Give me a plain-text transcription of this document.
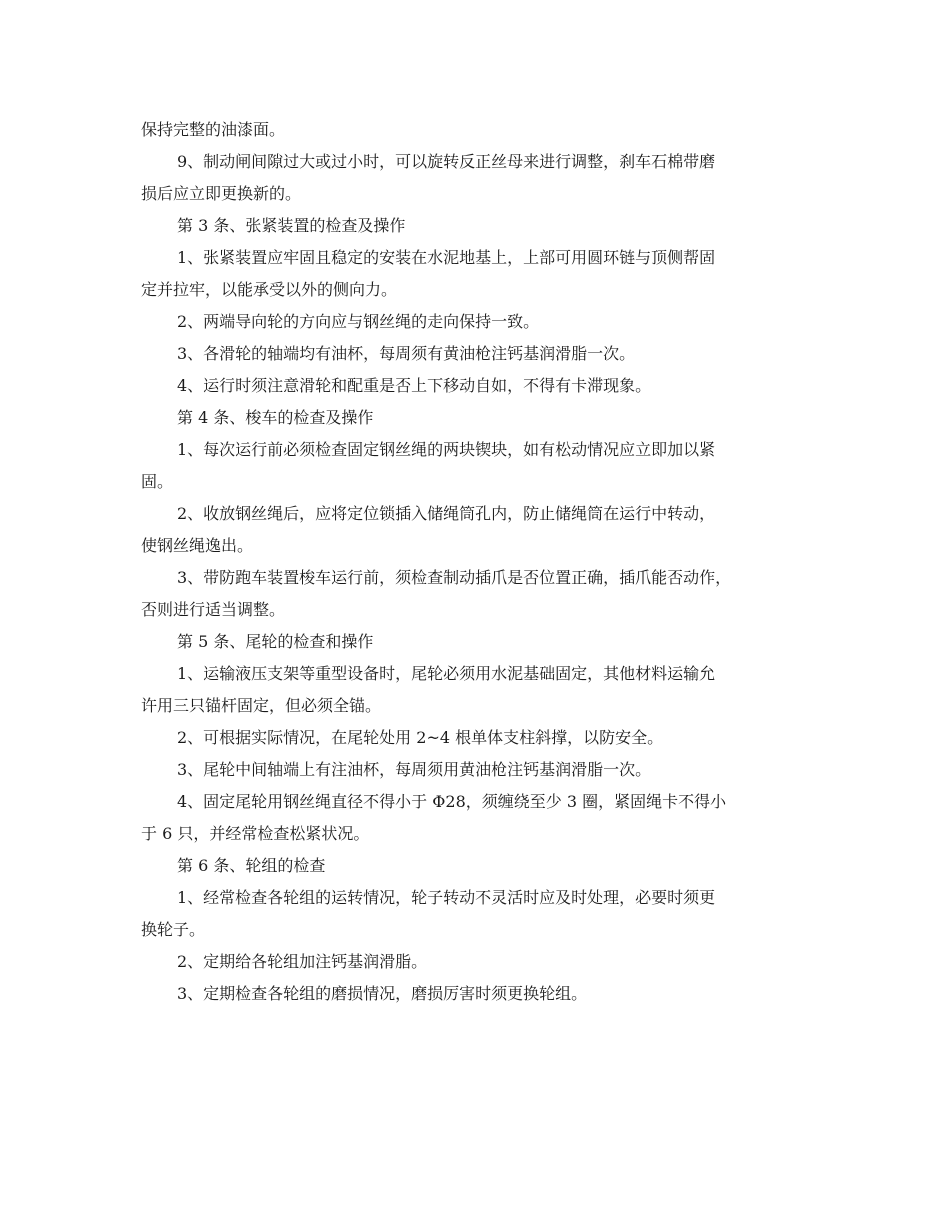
保持完整的油漆面。
9、制动闸间隙过大或过小时，可以旋转反正丝母来进行调整，刹车石棉带磨
损后应立即更换新的。
第 3 条、张紧装置的检查及操作
1、张紧装置应牢固且稳定的安装在水泥地基上，上部可用圆环链与顶侧帮固
定并拉牢，以能承受以外的侧向力。
2、两端导向轮的方向应与钢丝绳的走向保持一致。
3、各滑轮的轴端均有油杯，每周须有黄油枪注钙基润滑脂一次。
4、运行时须注意滑轮和配重是否上下移动自如，不得有卡滞现象。
第 4 条、梭车的检查及操作
1、每次运行前必须检查固定钢丝绳的两块锲块，如有松动情况应立即加以紧
固。
2、收放钢丝绳后，应将定位锁插入储绳筒孔内，防止储绳筒在运行中转动，
使钢丝绳逸出。
3、带防跑车装置梭车运行前，须检查制动插爪是否位置正确，插爪能否动作，
否则进行适当调整。
第 5 条、尾轮的检查和操作
1、运输液压支架等重型设备时，尾轮必须用水泥基础固定，其他材料运输允
许用三只锚杆固定，但必须全锚。
2、可根据实际情况，在尾轮处用 2~4 根单体支柱斜撑，以防安全。
3、尾轮中间轴端上有注油杯，每周须用黄油枪注钙基润滑脂一次。
4、固定尾轮用钢丝绳直径不得小于 Φ28，须缠绕至少 3 圈，紧固绳卡不得小
于 6 只，并经常检查松紧状况。
第 6 条、轮组的检查
1、经常检查各轮组的运转情况，轮子转动不灵活时应及时处理，必要时须更
换轮子。
2、定期给各轮组加注钙基润滑脂。
3、定期检查各轮组的磨损情况，磨损厉害时须更换轮组。
